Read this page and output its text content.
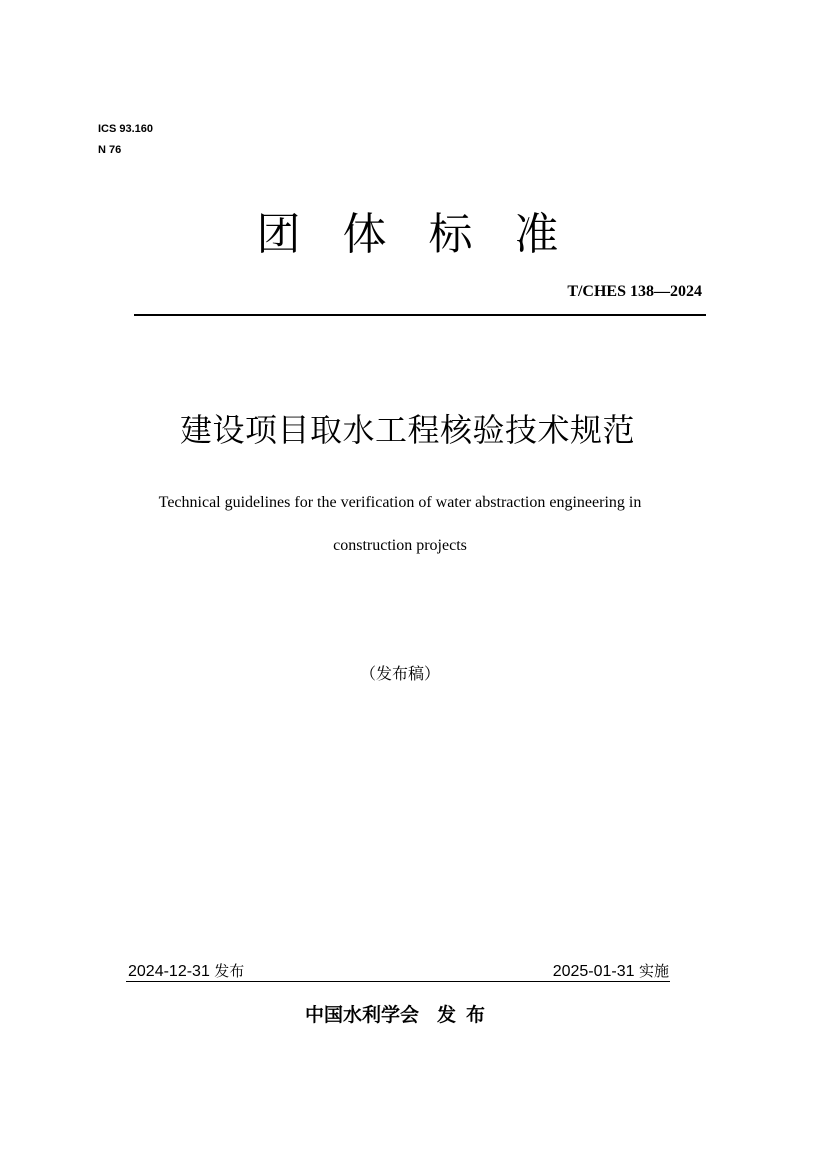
ICS 93.160
N 76
团体标准
T/CHES 138—2024
建设项目取水工程核验技术规范
Technical guidelines for the verification of water abstraction engineering in
construction projects
（发布稿）
2024-12-31 发布	2025-01-31 实施
中国水利学会 发布
